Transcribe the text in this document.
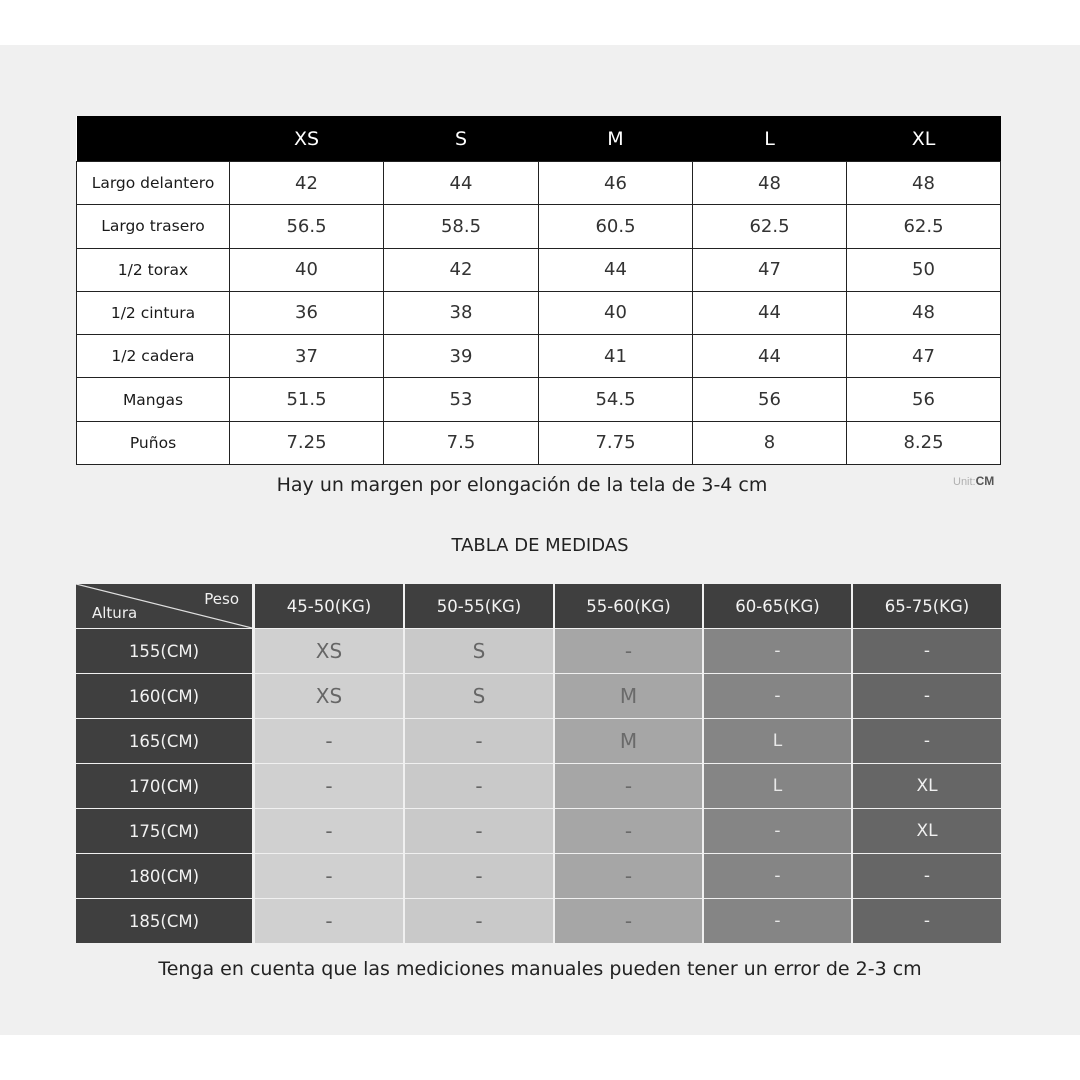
	XS	S	M	L	XL
Largo delantero	42	44	46	48	48
Largo trasero	56.5	58.5	60.5	62.5	62.5
1/2 torax	40	42	44	47	50
1/2 cintura	36	38	40	44	48
1/2 cadera	37	39	41	44	47
Mangas	51.5	53	54.5	56	56
Puños	7.25	7.5	7.75	8	8.25
Hay un margen por elongación de la tela de 3-4 cm	Unit:CM
TABLA DE MEDIDAS
Peso
Altura	45-50(KG)	50-55(KG)	55-60(KG)	60-65(KG)	65-75(KG)
155(CM)	XS	S	-	-	-
160(CM)	XS	S	M	-	-
165(CM)	-	-	M	L	-
170(CM)	-	-	-	L	XL
175(CM)	-	-	-	-	XL
180(CM)	-	-	-	-	-
185(CM)	-	-	-	-	-
Tenga en cuenta que las mediciones manuales pueden tener un error de 2-3 cm
